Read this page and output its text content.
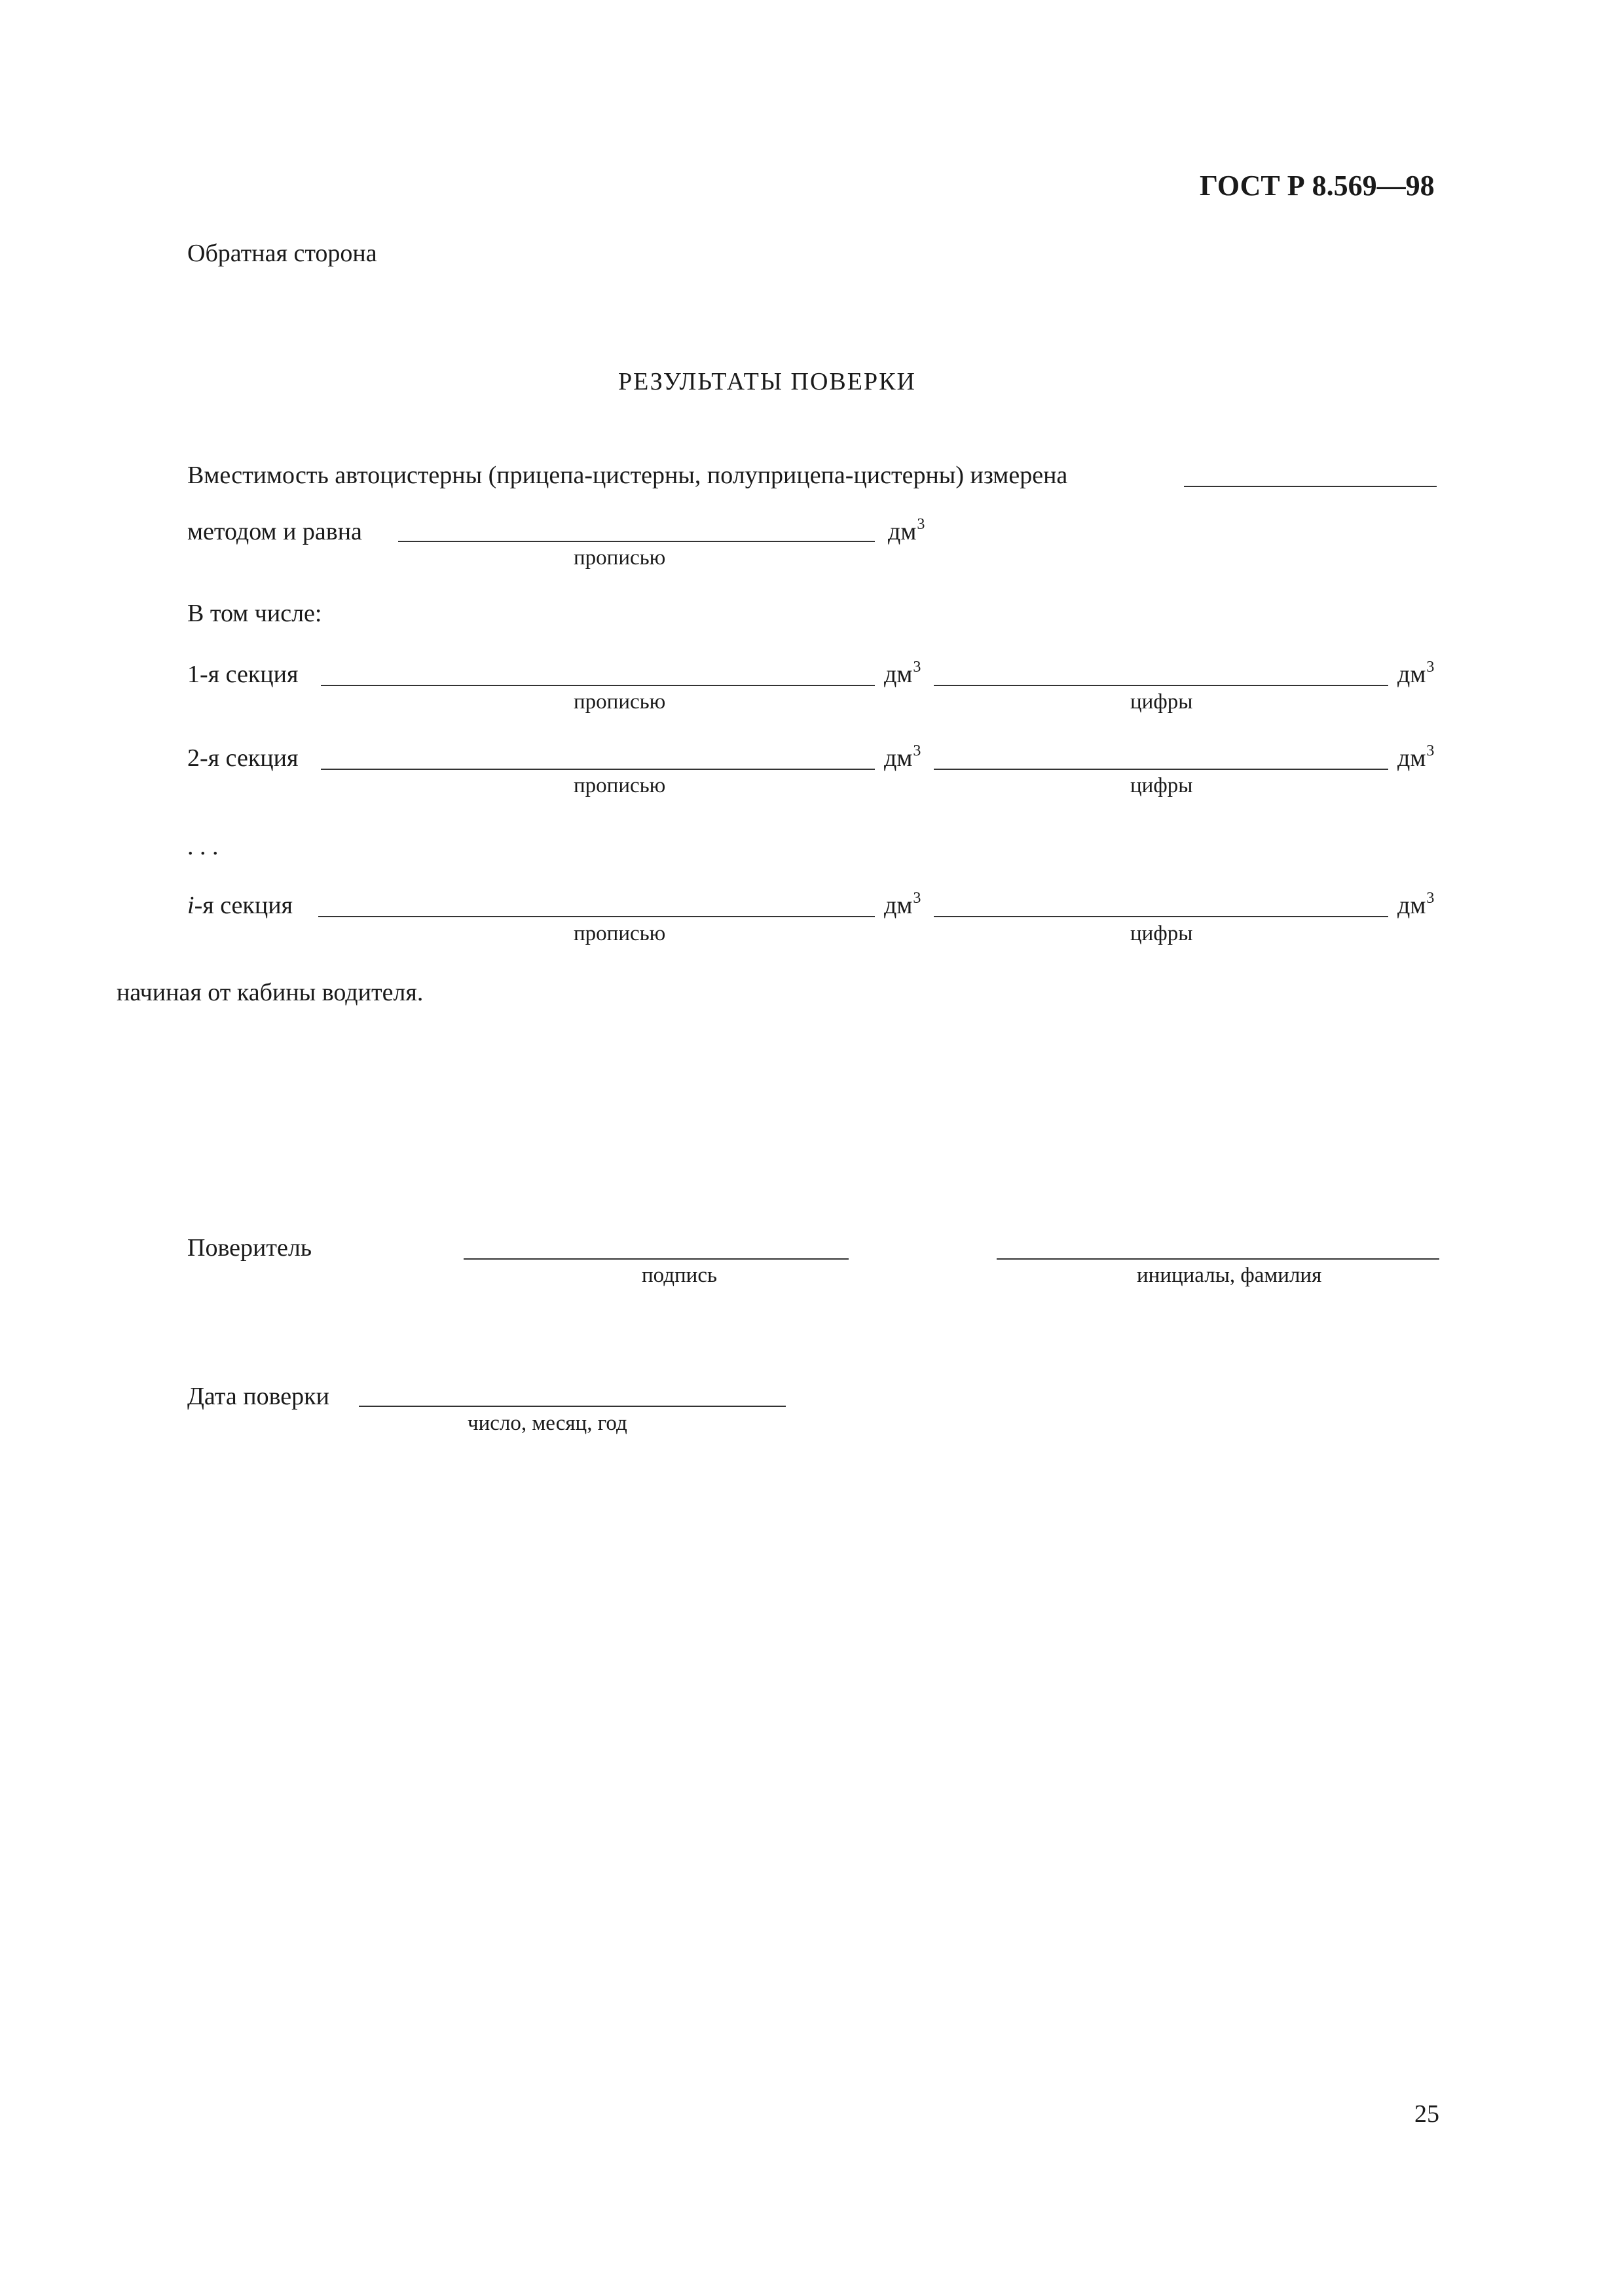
ГОСТ Р 8.569—98
Обратная сторона
РЕЗУЛЬТАТЫ ПОВЕРКИ
Вместимость автоцистерны (прицепа-цистерны, полуприцепа-цистерны) измерена
методом и равна	$дм^3$
прописью
В том числе:
1-я секция	$дм^3$	$дм^3$
прописью	цифры
2-я секция	$дм^3$	$дм^3$
прописью	цифры
. . .
i-я секция	$дм^3$	$дм^3$
прописью	цифры
начиная от кабины водителя.
Поверитель
подпись	инициалы, фамилия
Дата поверки
число, месяц, год
25
